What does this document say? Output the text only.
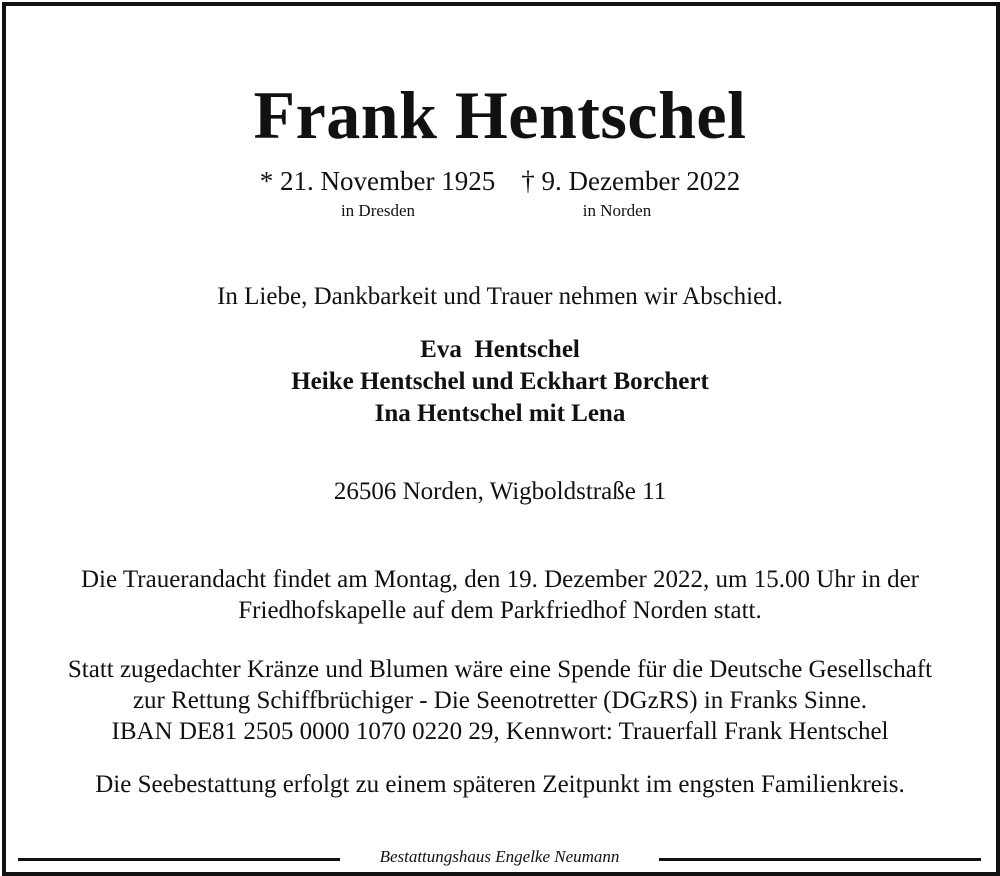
Frank Hentschel
* 21. November 1925 † 9. Dezember 2022
in Dresden	in Norden
In Liebe, Dankbarkeit und Trauer nehmen wir Abschied.
Eva  Hentschel
Heike Hentschel und Eckhart Borchert
Ina Hentschel mit Lena
26506 Norden, Wigboldstraße 11
Die Trauerandacht findet am Montag, den 19. Dezember 2022, um 15.00 Uhr in der
Friedhofskapelle auf dem Parkfriedhof Norden statt.
Statt zugedachter Kränze und Blumen wäre eine Spende für die Deutsche Gesellschaft
zur Rettung Schiffbrüchiger - Die Seenotretter (DGzRS) in Franks Sinne.
IBAN DE81 2505 0000 1070 0220 29, Kennwort: Trauerfall Frank Hentschel
Die Seebestattung erfolgt zu einem späteren Zeitpunkt im engsten Familienkreis.
Bestattungshaus Engelke Neumann
